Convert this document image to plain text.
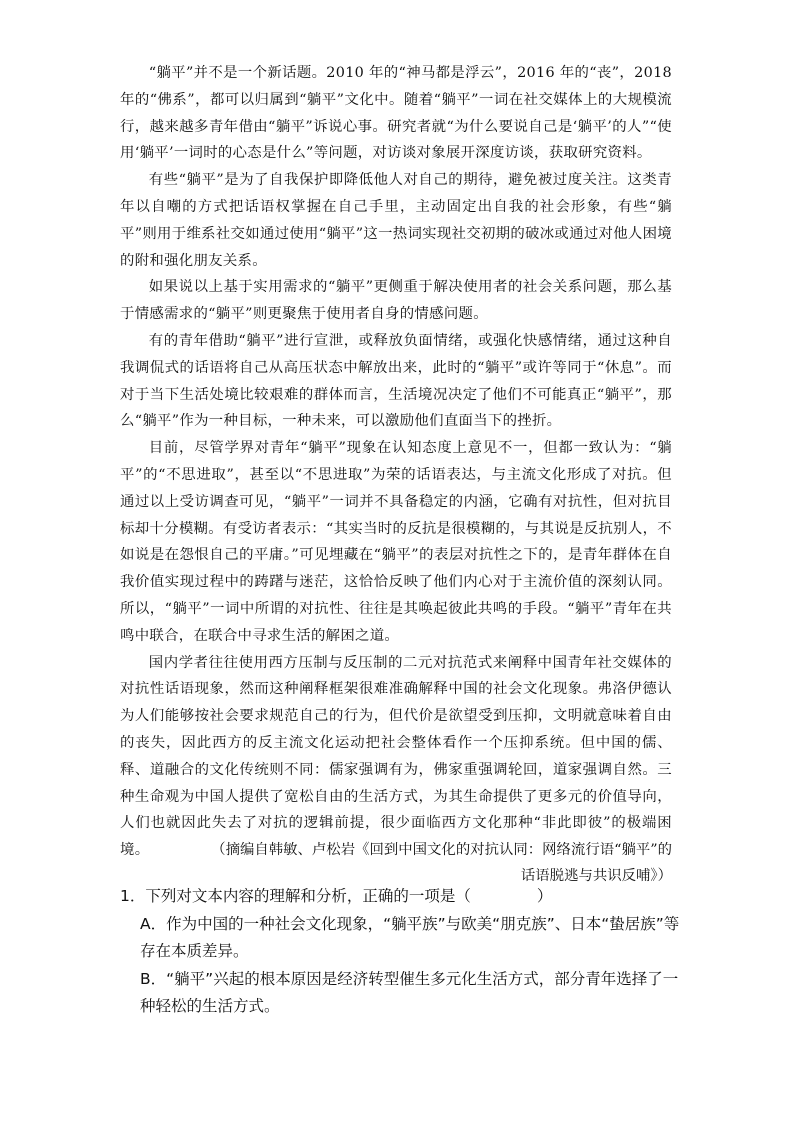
“躺平”并不是一个新话题。2010 年的“神马都是浮云”，2016 年的“丧”，2018 年的“佛系”，都可以归属到“躺平”文化中。随着“躺平”一词在社交媒体上的大规模流行，越来越多青年借由“躺平”诉说心事。研究者就“为什么要说自己是‘躺平’的人”“使用‘躺平’一词时的心态是什么”等问题，对访谈对象展开深度访谈，获取研究资料。

有些“躺平”是为了自我保护即降低他人对自己的期待，避免被过度关注。这类青年以自嘲的方式把话语权掌握在自己手里，主动固定出自我的社会形象，有些“躺平”则用于维系社交如通过使用“躺平”这一热词实现社交初期的破冰或通过对他人困境的附和强化朋友关系。

如果说以上基于实用需求的“躺平”更侧重于解决使用者的社会关系问题，那么基于情感需求的“躺平”则更聚焦于使用者自身的情感问题。

有的青年借助“躺平”进行宣泄，或释放负面情绪，或强化快感情绪，通过这种自我调侃式的话语将自己从高压状态中解放出来，此时的“躺平”或许等同于“休息”。而对于当下生活处境比较艰难的群体而言，生活境况决定了他们不可能真正“躺平”，那么“躺平”作为一种目标，一种未来，可以激励他们直面当下的挫折。

目前，尽管学界对青年“躺平”现象在认知态度上意见不一，但都一致认为：“躺平”的“不思进取”，甚至以“不思进取”为荣的话语表达，与主流文化形成了对抗。但通过以上受访调查可见，“躺平”一词并不具备稳定的内涵，它确有对抗性，但对抗目标却十分模糊。有受访者表示：“其实当时的反抗是很模糊的，与其说是反抗别人，不如说是在怨恨自己的平庸。”可见埋藏在“躺平”的表层对抗性之下的，是青年群体在自我价值实现过程中的踌躇与迷茫，这恰恰反映了他们内心对于主流价值的深刻认同。所以，“躺平”一词中所谓的对抗性、往往是其唤起彼此共鸣的手段。“躺平”青年在共鸣中联合，在联合中寻求生活的解困之道。

国内学者往往使用西方压制与反压制的二元对抗范式来阐释中国青年社交媒体的对抗性话语现象，然而这种阐释框架很难准确解释中国的社会文化现象。弗洛伊德认为人们能够按社会要求规范自己的行为，但代价是欲望受到压抑，文明就意味着自由的丧失，因此西方的反主流文化运动把社会整体看作一个压抑系统。但中国的儒、释、道融合的文化传统则不同：儒家强调有为，佛家重强调轮回，道家强调自然。三种生命观为中国人提供了宽松自由的生活方式，为其生命提供了更多元的价值导向，人们也就因此失去了对抗的逻辑前提，很少面临西方文化那种“非此即彼”的极端困境。	（摘编自韩敏、卢松岩《回到中国文化的对抗认同：网络流行语“躺平”的
话语脱逃与共识反哺》）
1．下列对文本内容的理解和分析，正确的一项是（	）
A．作为中国的一种社会文化现象，“躺平族”与欧美“朋克族”、日本“蛰居族”等存在本质差异。
B．“躺平”兴起的根本原因是经济转型催生多元化生活方式，部分青年选择了一种轻松的生活方式。
